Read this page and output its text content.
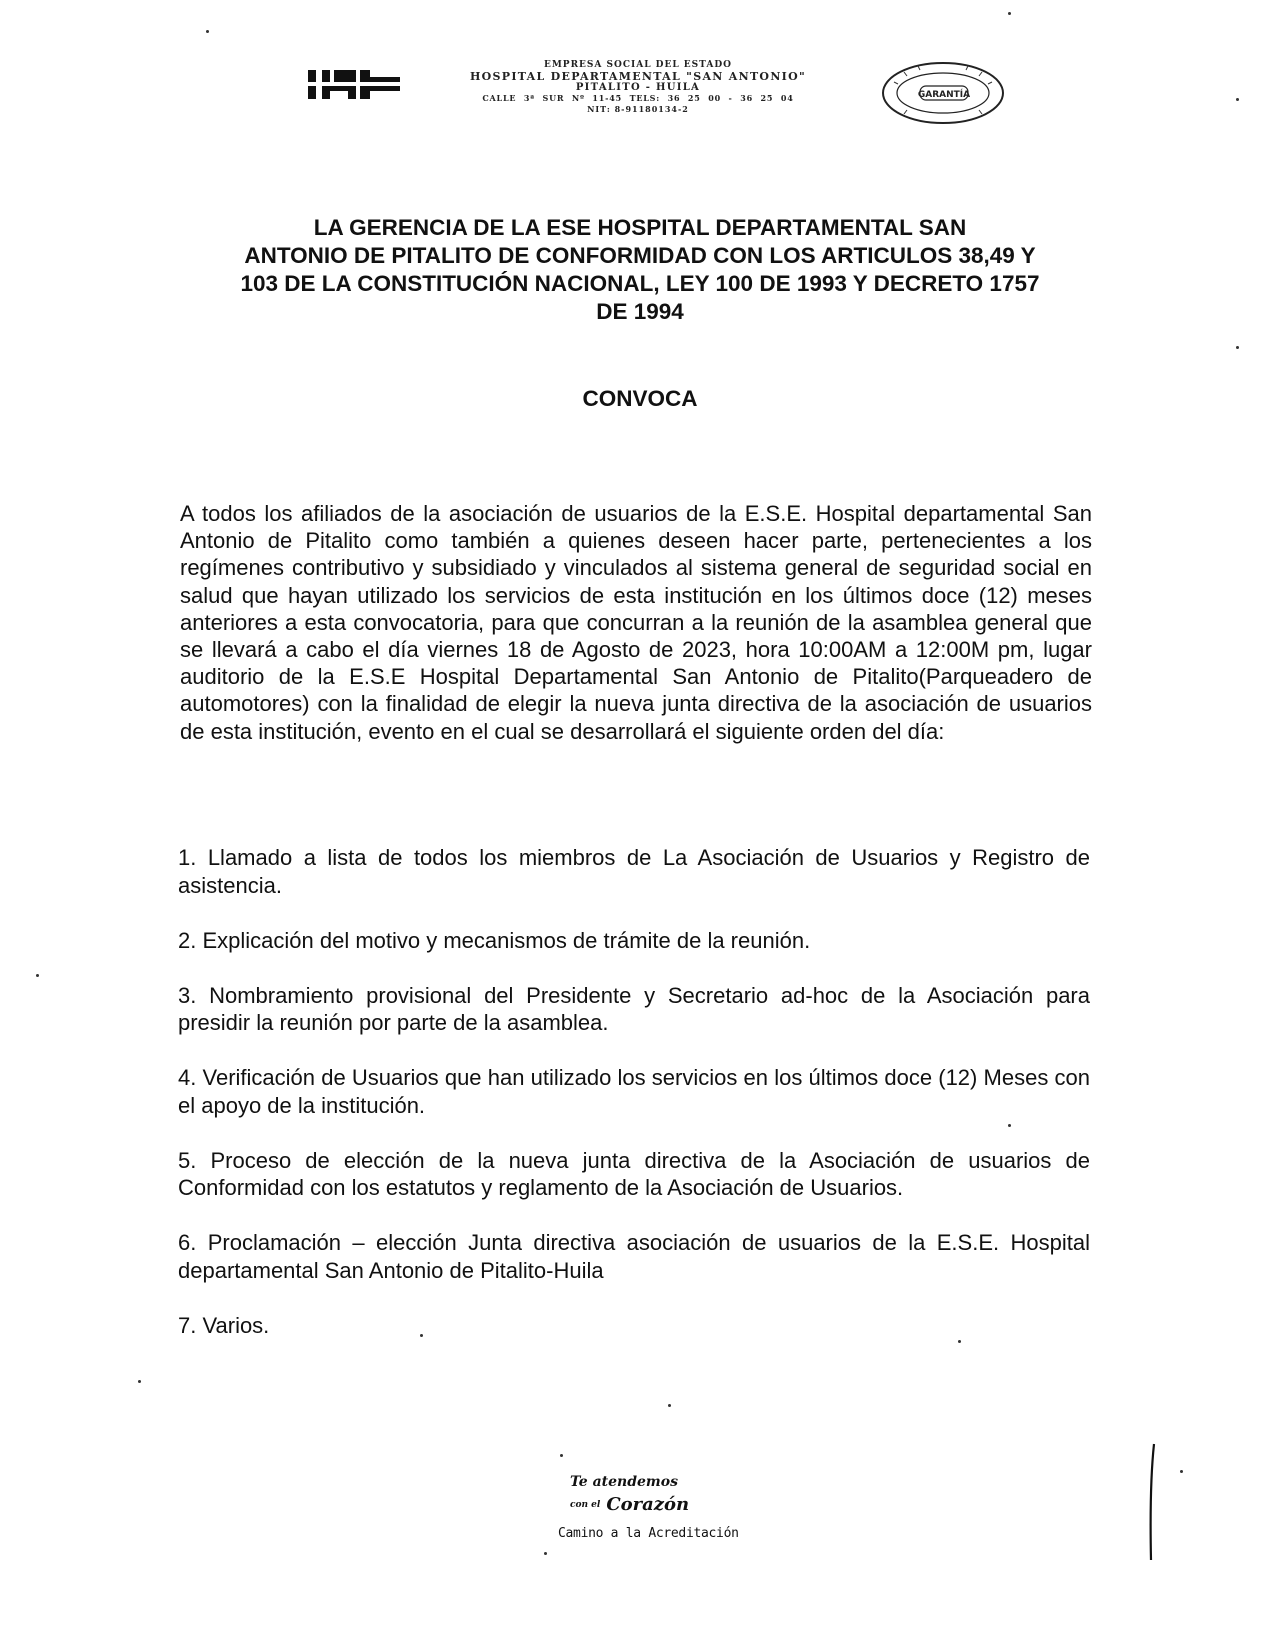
EMPRESA SOCIAL DEL ESTADO
HOSPITAL DEPARTAMENTAL "SAN ANTONIO"
PITALITO - HUILA
CALLE 3ª SUR Nº 11-45 TELS: 36 25 00 - 36 25 04
NIT: 8-91180134-2
GARANTÍA
LA GERENCIA DE LA ESE HOSPITAL DEPARTAMENTAL SAN
ANTONIO DE PITALITO DE CONFORMIDAD CON LOS ARTICULOS 38,49 Y
103 DE LA CONSTITUCIÓN NACIONAL, LEY 100 DE 1993 Y DECRETO 1757
DE 1994
CONVOCA

A todos los afiliados de la asociación de usuarios de la E.S.E. Hospital departamental San Antonio de Pitalito como también a quienes deseen hacer parte, pertenecientes a los regímenes contributivo y subsidiado y vinculados al sistema general de seguridad social en salud que hayan utilizado los servicios de esta institución en los últimos doce (12) meses anteriores a esta convocatoria, para que concurran a la reunión de la asamblea general que se llevará a cabo el día viernes 18 de Agosto de 2023, hora 10:00AM a 12:00M pm, lugar auditorio de la E.S.E Hospital Departamental San Antonio de Pitalito(Parqueadero de automotores) con la finalidad de elegir la nueva junta directiva de la asociación de usuarios de esta institución, evento en el cual se desarrollará el siguiente orden del día:

1. Llamado a lista de todos los miembros de La Asociación de Usuarios y Registro de asistencia.
2. Explicación del motivo y mecanismos de trámite de la reunión.
3. Nombramiento provisional del Presidente y Secretario ad-hoc de la Asociación para presidir la reunión por parte de la asamblea.
4. Verificación de Usuarios que han utilizado los servicios en los últimos doce (12) Meses con el apoyo de la institución.
5. Proceso de elección de la nueva junta directiva de la Asociación de usuarios de Conformidad con los estatutos y reglamento de la Asociación de Usuarios.
6. Proclamación – elección Junta directiva asociación de usuarios de la E.S.E. Hospital departamental San Antonio de Pitalito-Huila
7. Varios.
Te atendemos
con el Corazón
Camino a la Acreditación
